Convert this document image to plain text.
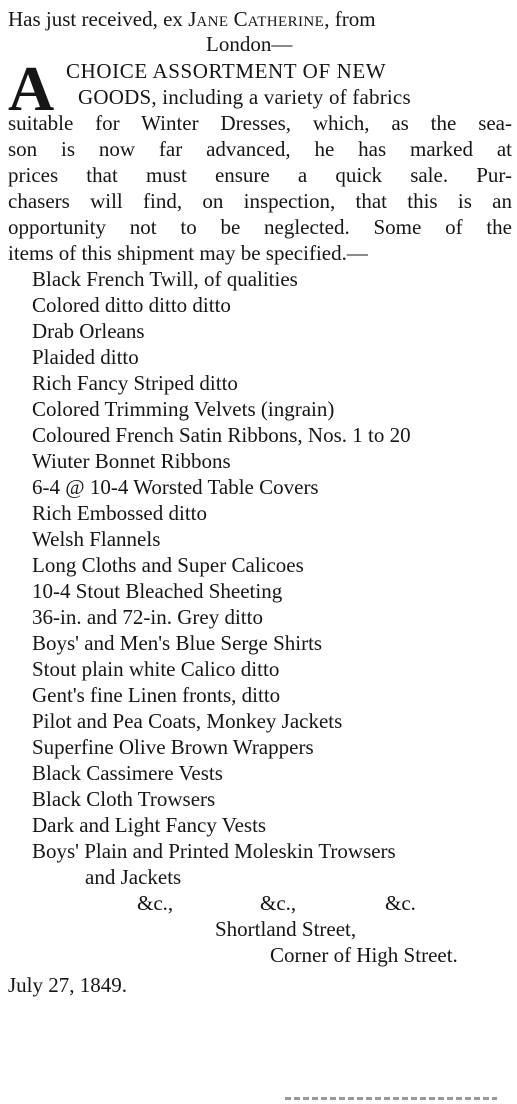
Has just received, ex JANE CATHERINE, from
London—
A CHOICE ASSORTMENT OF NEW
GOODS, including a variety of fabrics
suitable for Winter Dresses, which, as the sea-
son is now far advanced, he has marked at
prices that must ensure a quick sale. Pur-
chasers will find, on inspection, that this is an
opportunity not to be neglected. Some of the
items of this shipment may be specified.—
Black French Twill, of qualities
Colored ditto ditto ditto
Drab Orleans
Plaided ditto
Rich Fancy Striped ditto
Colored Trimming Velvets (ingrain)
Coloured French Satin Ribbons, Nos. 1 to 20
Wiuter Bonnet Ribbons
6-4 @ 10-4 Worsted Table Covers
Rich Embossed ditto
Welsh Flannels
Long Cloths and Super Calicoes
10-4 Stout Bleached Sheeting
36-in. and 72-in. Grey ditto
Boys' and Men's Blue Serge Shirts
Stout plain white Calico ditto
Gent's fine Linen fronts, ditto
Pilot and Pea Coats, Monkey Jackets
Superfine Olive Brown Wrappers
Black Cassimere Vests
Black Cloth Trowsers
Dark and Light Fancy Vests
Boys' Plain and Printed Moleskin Trowsers
and Jackets
&c.,	&c.,	&c.
Shortland Street,
Corner of High Street.
July 27, 1849.
